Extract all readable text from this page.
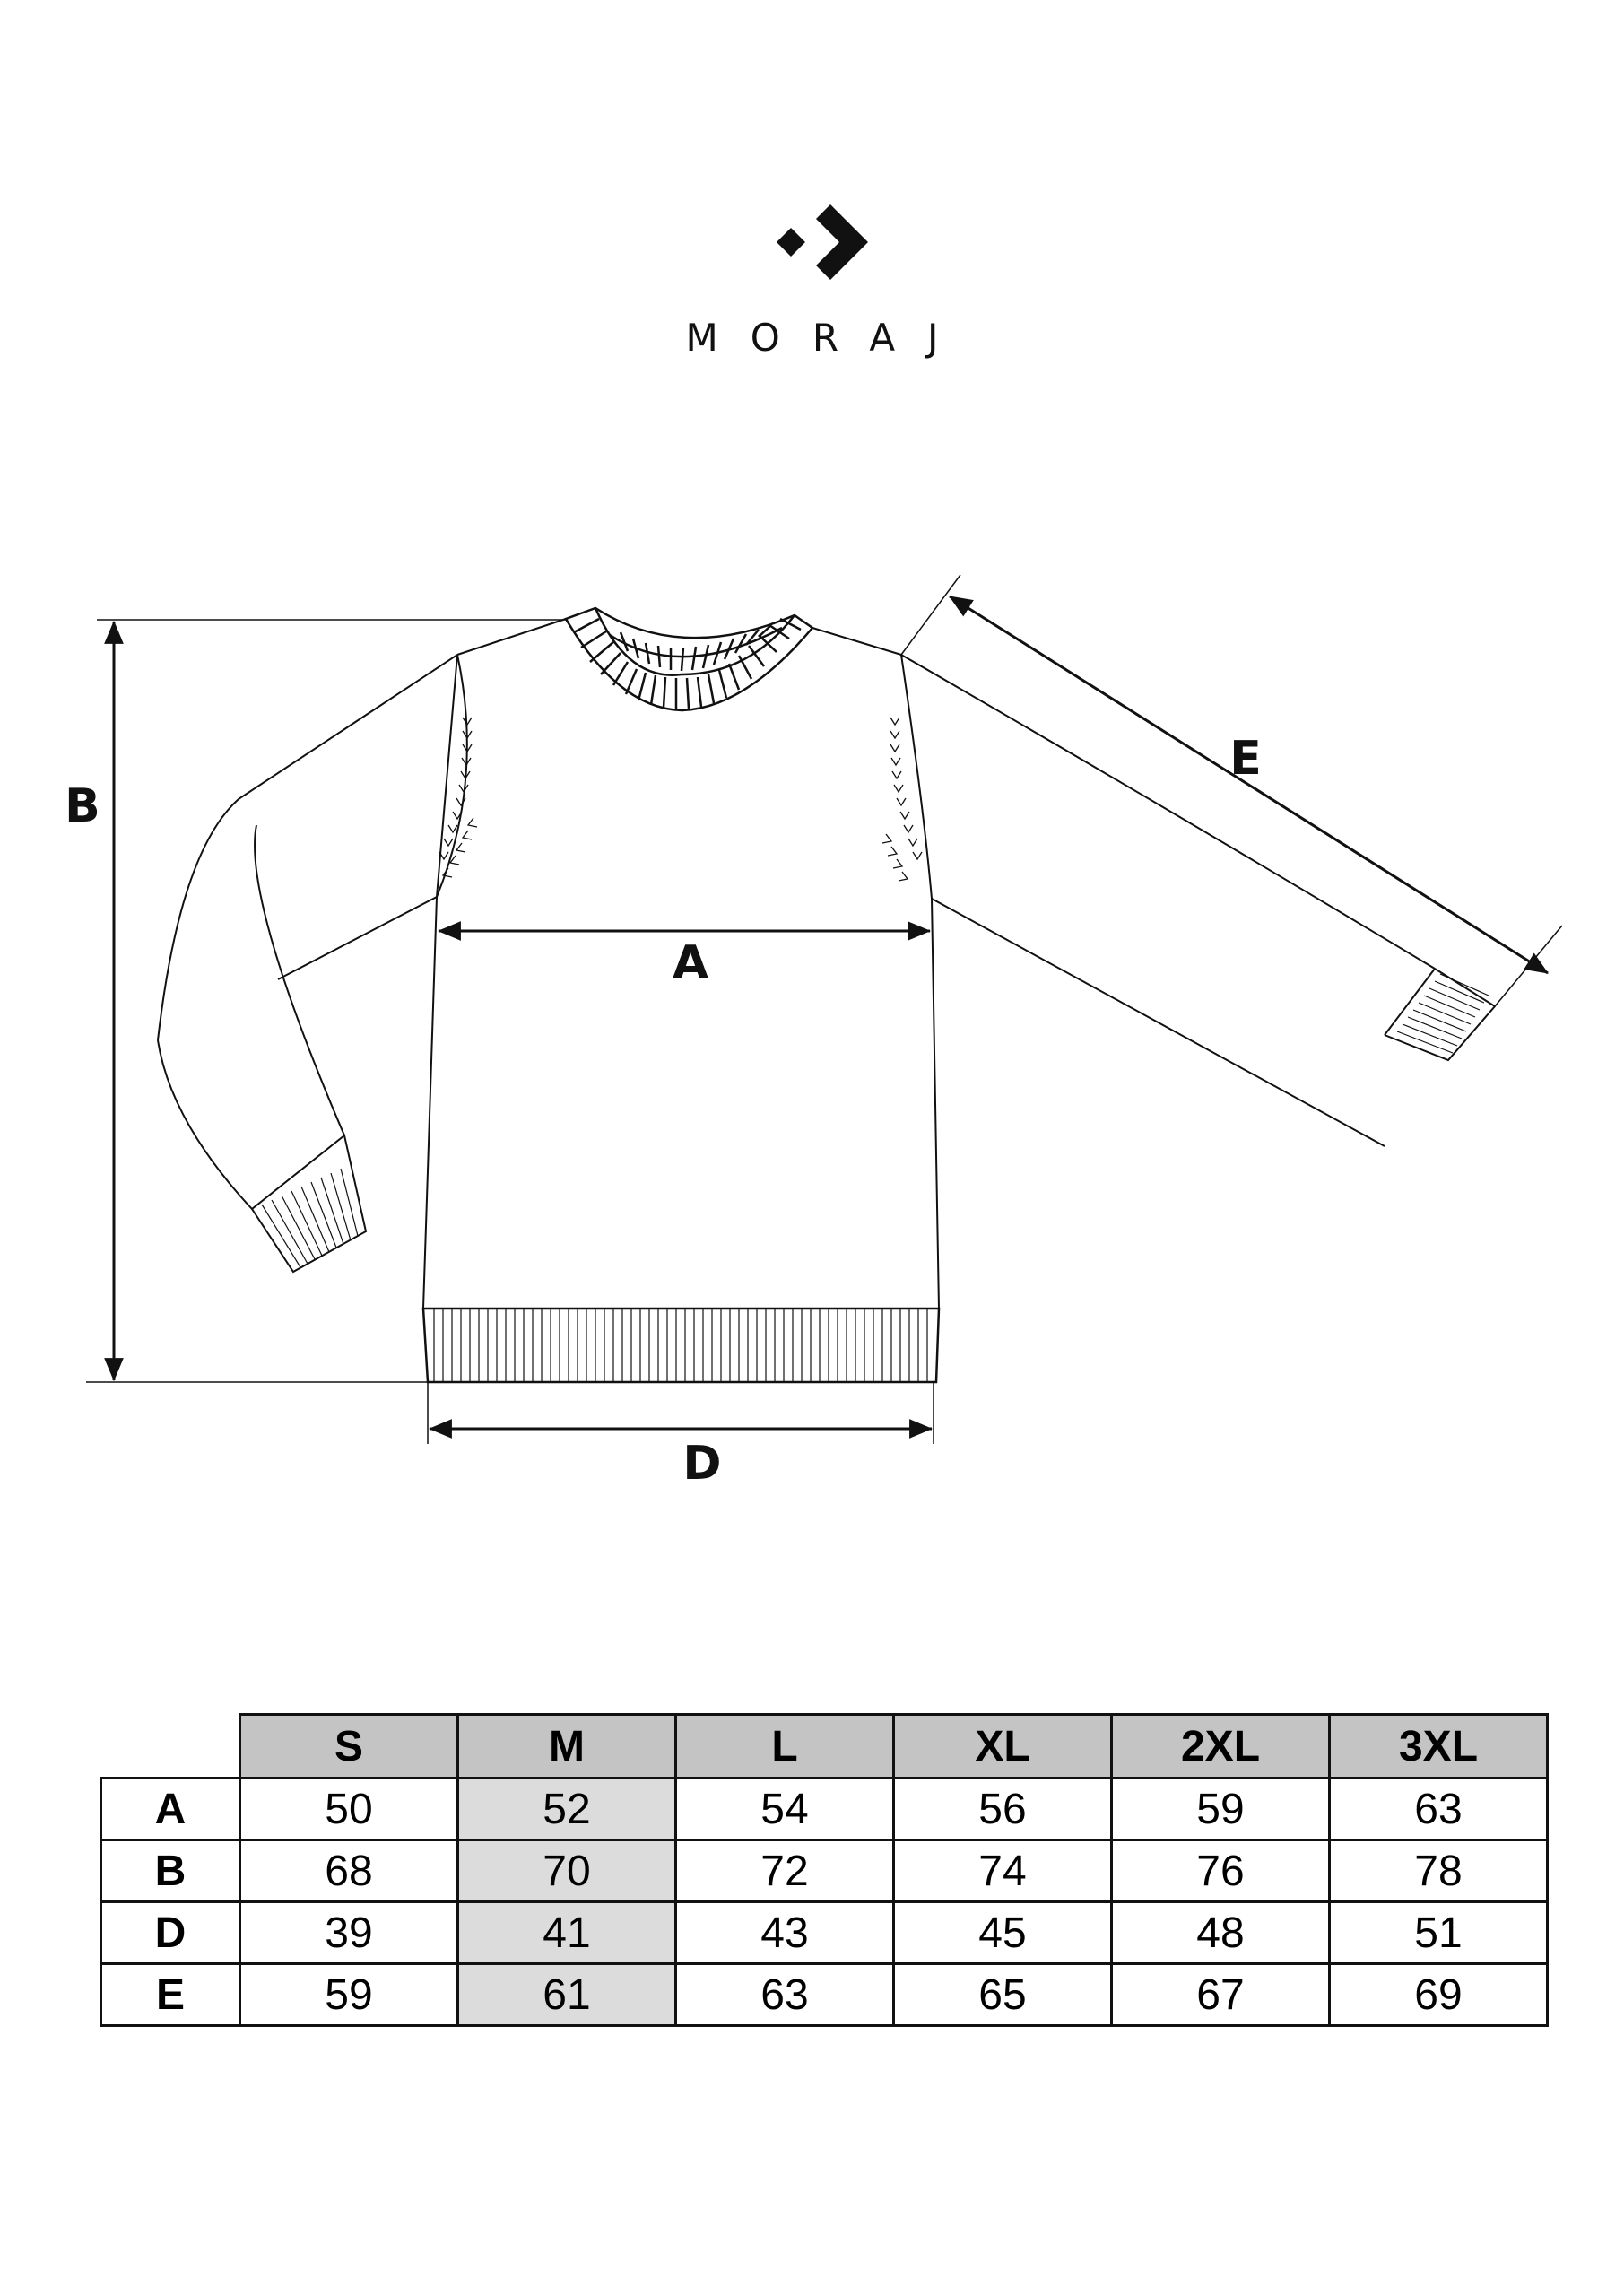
MORAJ
B
A
D
E
	S	M	L	XL	2XL	3XL
A	50	52	54	56	59	63
B	68	70	72	74	76	78
D	39	41	43	45	48	51
E	59	61	63	65	67	69
